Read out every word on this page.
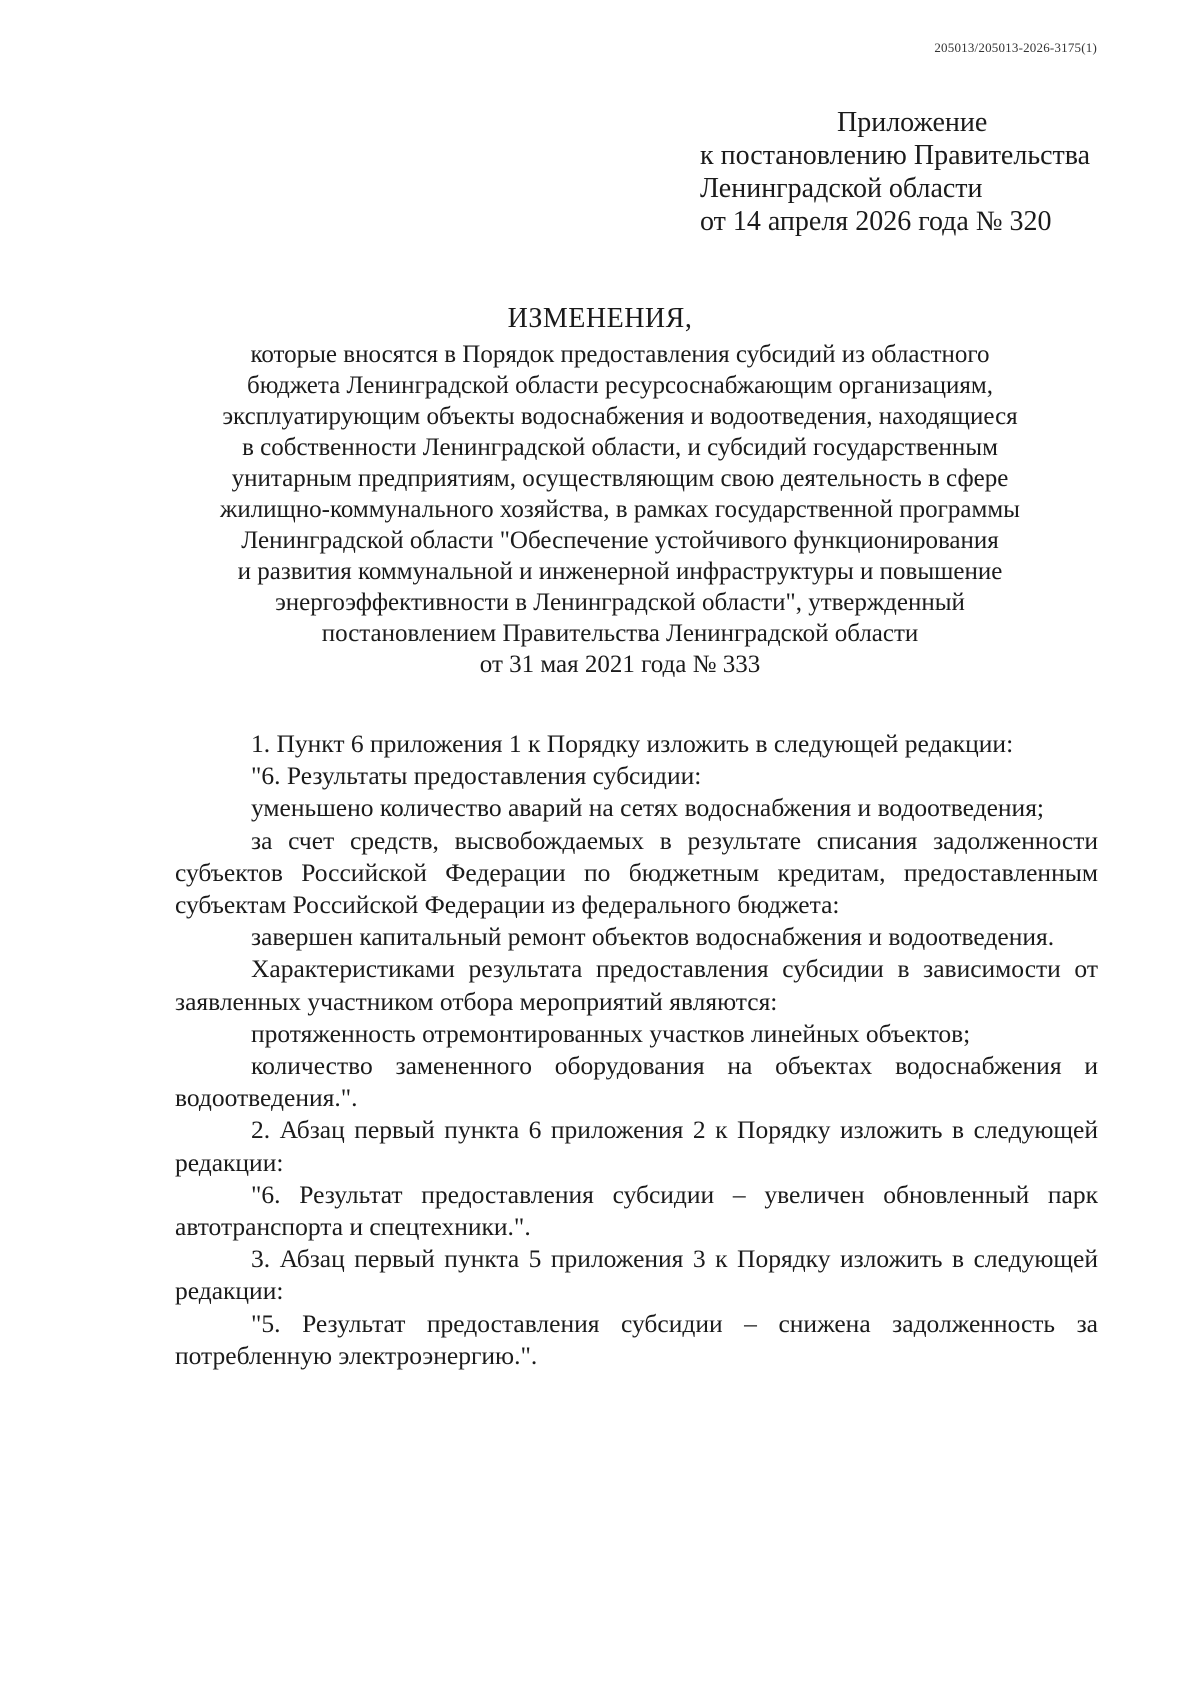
205013/205013-2026-3175(1)
Приложение
к постановлению Правительства
Ленинградской области
от 14 апреля 2026 года № 320
ИЗМЕНЕНИЯ,
которые вносятся в Порядок предоставления субсидий из областного
бюджета Ленинградской области ресурсоснабжающим организациям,
эксплуатирующим объекты водоснабжения и водоотведения, находящиеся
в собственности Ленинградской области, и субсидий государственным
унитарным предприятиям, осуществляющим свою деятельность в сфере
жилищно-коммунального хозяйства, в рамках государственной программы
Ленинградской области "Обеспечение устойчивого функционирования
и развития коммунальной и инженерной инфраструктуры и повышение
энергоэффективности в Ленинградской области", утвержденный
постановлением Правительства Ленинградской области
от 31 мая 2021 года № 333

1. Пункт 6 приложения 1 к Порядку изложить в следующей редакции:

"6. Результаты предоставления субсидии:

уменьшено количество аварий на сетях водоснабжения и водоотведения;

за счет средств, высвобождаемых в результате списания задолженности субъектов Российской Федерации по бюджетным кредитам, предоставленным субъектам Российской Федерации из федерального бюджета:

завершен капитальный ремонт объектов водоснабжения и водоотведения.

Характеристиками результата предоставления субсидии в зависимости от заявленных участником отбора мероприятий являются:

протяженность отремонтированных участков линейных объектов;

количество замененного оборудования на объектах водоснабжения и водоотведения.".

2. Абзац первый пункта 6 приложения 2 к Порядку изложить в следующей редакции:

"6. Результат предоставления субсидии – увеличен обновленный парк автотранспорта и спецтехники.".

3. Абзац первый пункта 5 приложения 3 к Порядку изложить в следующей редакции:

"5. Результат предоставления субсидии – снижена задолженность за потребленную электроэнергию.".
